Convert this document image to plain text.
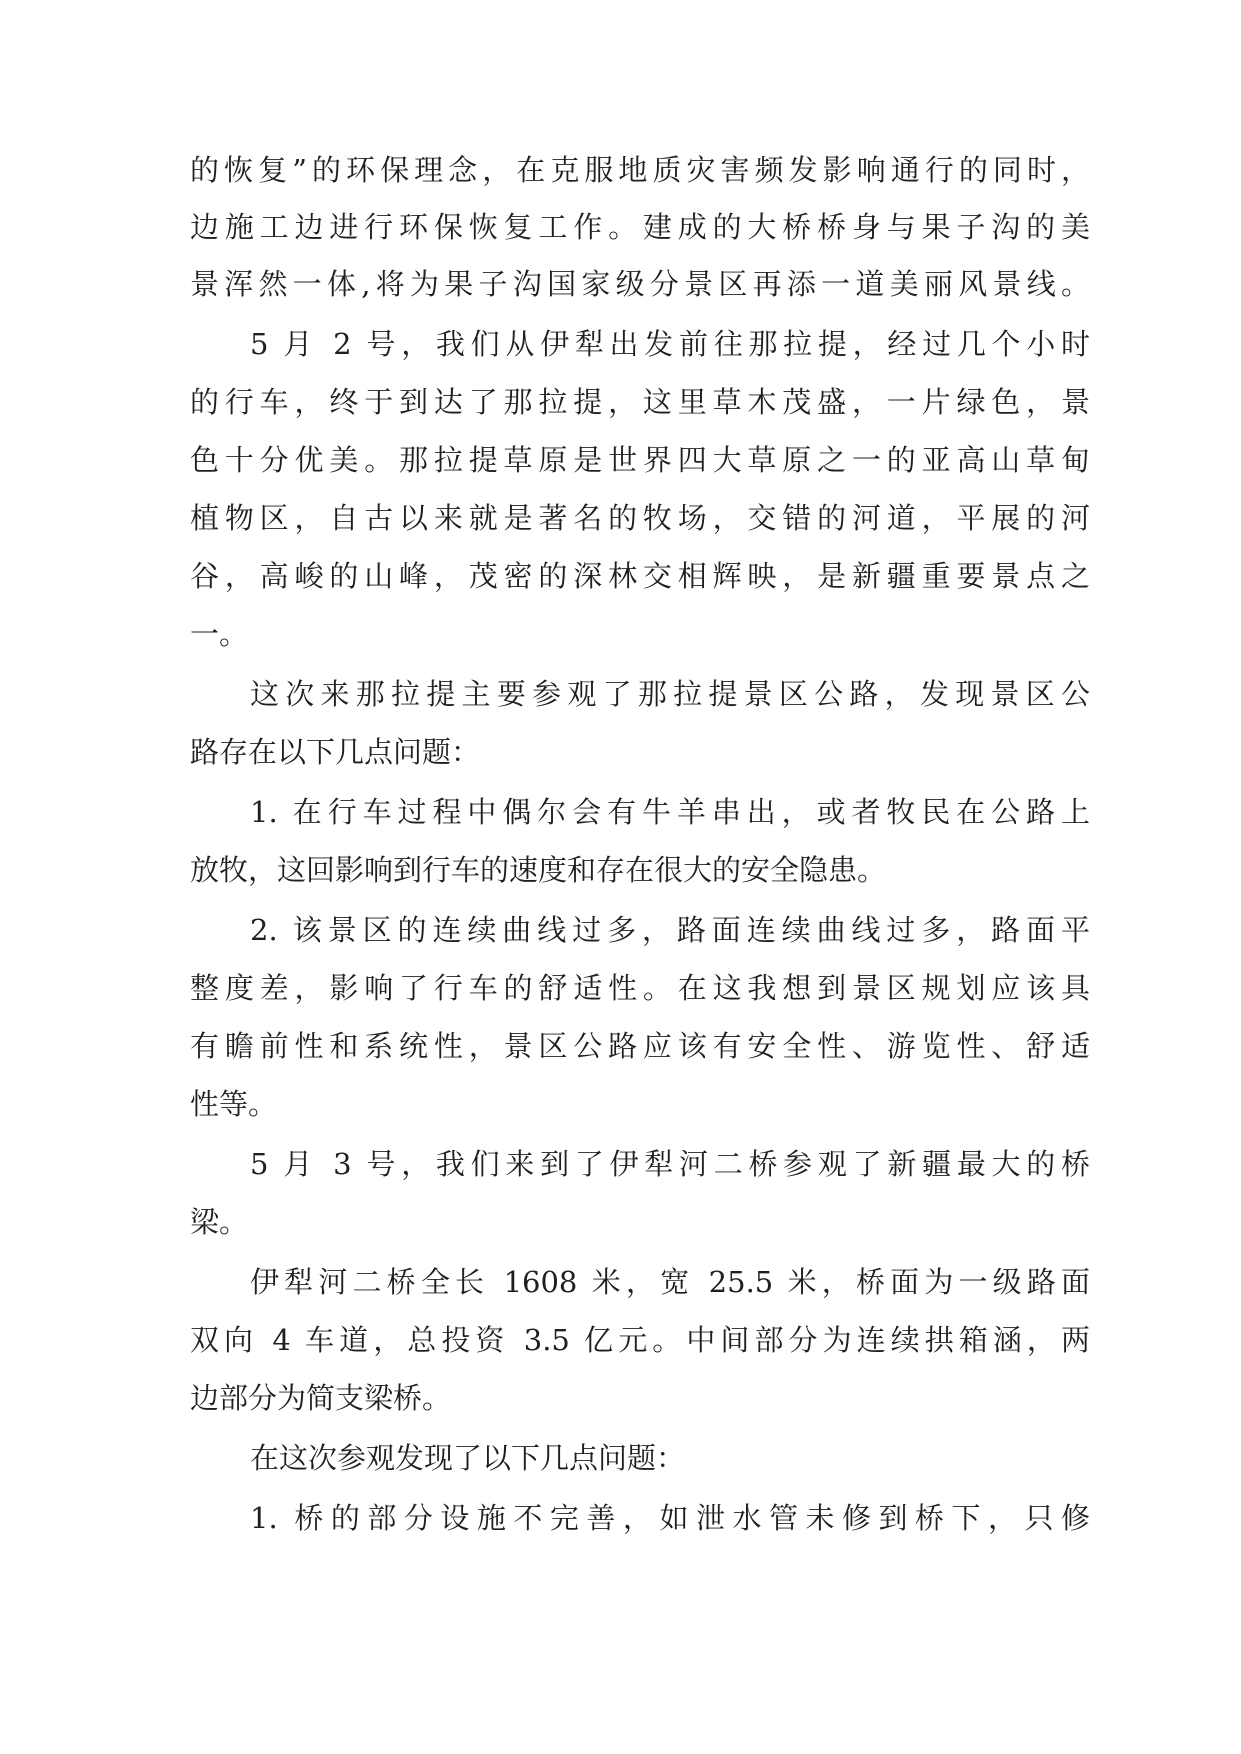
的恢复”的环保理念，在克服地质灾害频发影响通行的同时，
边施工边进行环保恢复工作。建成的大桥桥身与果子沟的美
景浑然一体,将为果子沟国家级分景区再添一道美丽风景线。
5 月 2 号，我们从伊犁出发前往那拉提，经过几个小时
的行车，终于到达了那拉提，这里草木茂盛，一片绿色，景
色十分优美。那拉提草原是世界四大草原之一的亚高山草甸
植物区，自古以来就是著名的牧场，交错的河道，平展的河
谷，高峻的山峰，茂密的深林交相辉映，是新疆重要景点之
一。
这次来那拉提主要参观了那拉提景区公路，发现景区公
路存在以下几点问题：
1. 在行车过程中偶尔会有牛羊串出，或者牧民在公路上
放牧，这回影响到行车的速度和存在很大的安全隐患。
2. 该景区的连续曲线过多，路面连续曲线过多，路面平
整度差，影响了行车的舒适性。在这我想到景区规划应该具
有瞻前性和系统性，景区公路应该有安全性、游览性、舒适
性等。
5 月 3 号，我们来到了伊犁河二桥参观了新疆最大的桥
梁。
伊犁河二桥全长 1608 米，宽 25.5 米，桥面为一级路面
双向 4 车道，总投资 3.5 亿元。中间部分为连续拱箱涵，两
边部分为简支梁桥。
在这次参观发现了以下几点问题：
1. 桥的部分设施不完善，如泄水管未修到桥下，只修
